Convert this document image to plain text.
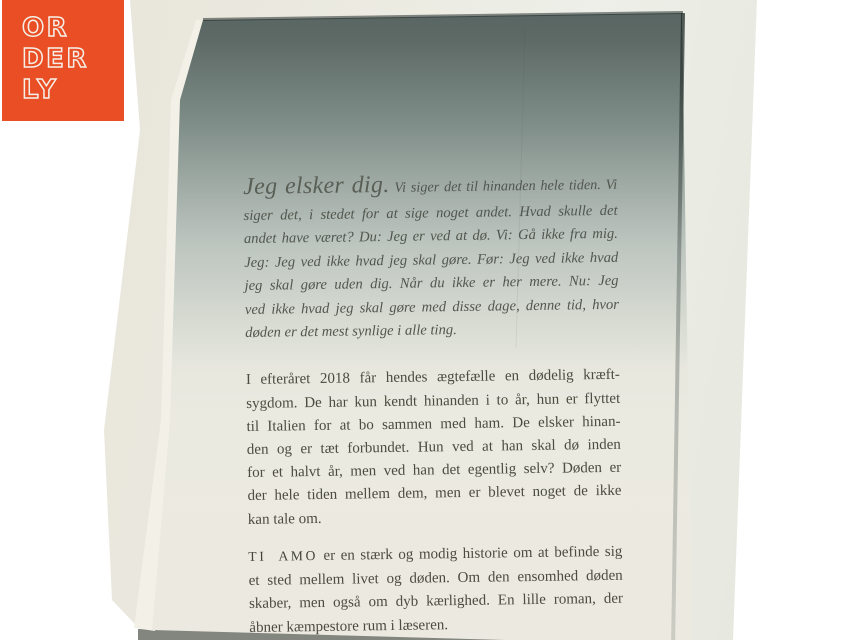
Jeg elsker dig. Vi siger det til hinanden hele tiden. Vi
siger det, i stedet for at sige noget andet. Hvad skulle det
andet have været? Du: Jeg er ved at dø. Vi: Gå ikke fra mig.
Jeg: Jeg ved ikke hvad jeg skal gøre. Før: Jeg ved ikke hvad
jeg skal gøre uden dig. Når du ikke er her mere. Nu: Jeg
ved ikke hvad jeg skal gøre med disse dage, denne tid, hvor
døden er det mest synlige i alle ting.
I efteråret 2018 får hendes ægtefælle en dødelig kræft-
sygdom. De har kun kendt hinanden i to år, hun er flyttet
til Italien for at bo sammen med ham. De elsker hinan-
den og er tæt forbundet. Hun ved at han skal dø inden
for et halvt år, men ved han det egentlig selv? Døden er
der hele tiden mellem dem, men er blevet noget de ikke
kan tale om.
TI AMO er en stærk og modig historie om at befinde sig
et sted mellem livet og døden. Om den ensomhed døden
skaber, men også om dyb kærlighed. En lille roman, der
åbner kæmpestore rum i læseren.
OR
DER
LY
